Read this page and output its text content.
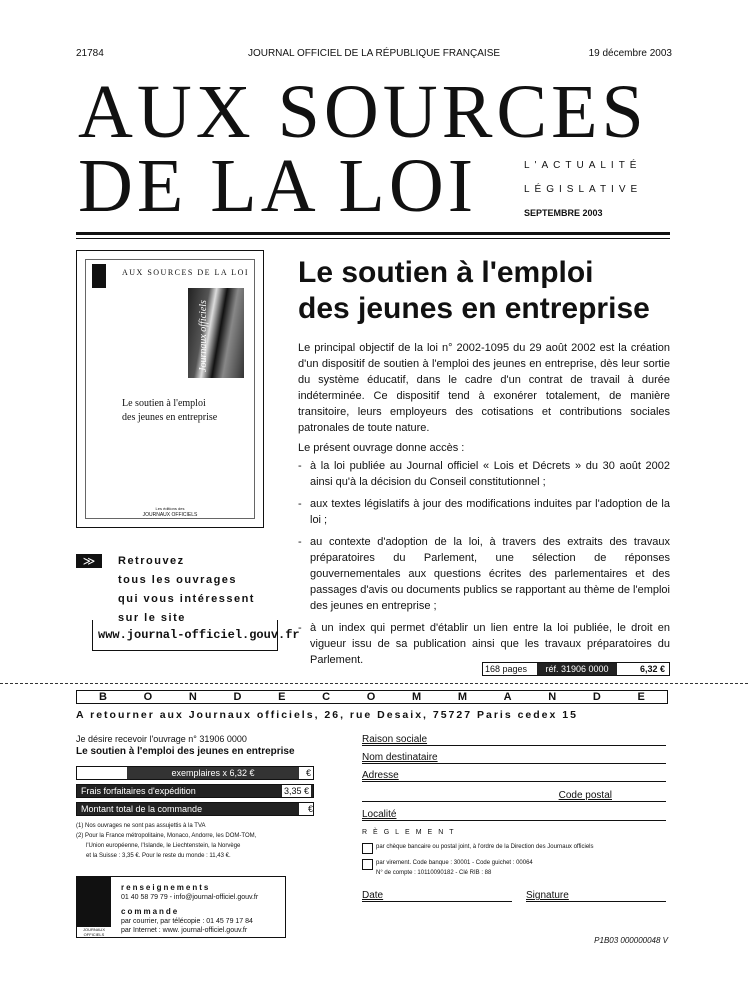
21784	JOURNAL OFFICIEL DE LA RÉPUBLIQUE FRANÇAISE	19 décembre 2003
AUX SOURCES
DE LA LOI	L'ACTUALITÉ
LÉGISLATIVE
SEPTEMBRE 2003
AUX SOURCES DE LA LOI
Journaux officiels
Le soutien à l'emploi
des jeunes en entreprise
Les éditions des
JOURNAUX OFFICIELS
≫	Retrouvez
tous les ouvrages
qui vous intéressent
sur le site
www.journal-officiel.gouv.fr
Le soutien à l'emploi
des jeunes en entreprise
Le principal objectif de la loi n° 2002-1095 du 29 août 2002 est la création d'un dispositif de soutien à l'emploi des jeunes en entreprise, dès leur sortie du système éducatif, dans le cadre d'un contrat de travail à durée indéterminée. Ce dispositif tend à exonérer totalement, de manière transitoire, leurs employeurs des cotisations et contributions sociales patronales de toute nature.
Le présent ouvrage donne accès :
- à la loi publiée au Journal officiel « Lois et Décrets » du 30 août 2002 ainsi qu'à la décision du Conseil constitutionnel ;
- aux textes législatifs à jour des modifications induites par l'adoption de la loi ;
- au contexte d'adoption de la loi, à travers des extraits des travaux préparatoires du Parlement, une sélection de réponses gouvernementales aux questions écrites des parlementaires et des passages d'avis ou documents publics se rapportant au thème de l'emploi des jeunes en entreprise ;
- à un index qui permet d'établir un lien entre la loi publiée, le droit en vigueur issu de sa publication ainsi que les travaux préparatoires du Parlement.
168 pages	réf. 31906 0000	6,32 €
B	O	N	D	E	C	O	M	M	A	N	D	E
A retourner aux Journaux officiels, 26, rue Desaix, 75727 Paris cedex 15
Je désire recevoir l'ouvrage n° 31906 0000
Le soutien à l'emploi des jeunes en entreprise
exemplaires x 6,32 €	€
Frais forfaitaires d'expédition	3,35 €
Montant total de la commande	€
(1) Nos ouvrages ne sont pas assujettis à la TVA
(2) Pour la France métropolitaine, Monaco, Andorre, les DOM-TOM,
l'Union européenne, l'Islande, le Liechtenstein, la Norvège
et la Suisse : 3,35 €. Pour le reste du monde : 11,43 €.
Raison sociale
Nom destinataire
Adresse
Code postal
Localité
RÈGLEMENT
par chèque bancaire ou postal joint, à l'ordre de la Direction des Journaux officiels
par virement. Code banque : 30001 - Code guichet : 00064
N° de compte : 10110090182 - Clé RIB : 88
Date	Signature
JOURNAUX OFFICIELS
renseignements
01 40 58 79 79 - info@journal-officiel.gouv.fr
commande
par courrier, par télécopie : 01 45 79 17 84
par Internet : www. journal-officiel.gouv.fr
P1B03 000000048 V
